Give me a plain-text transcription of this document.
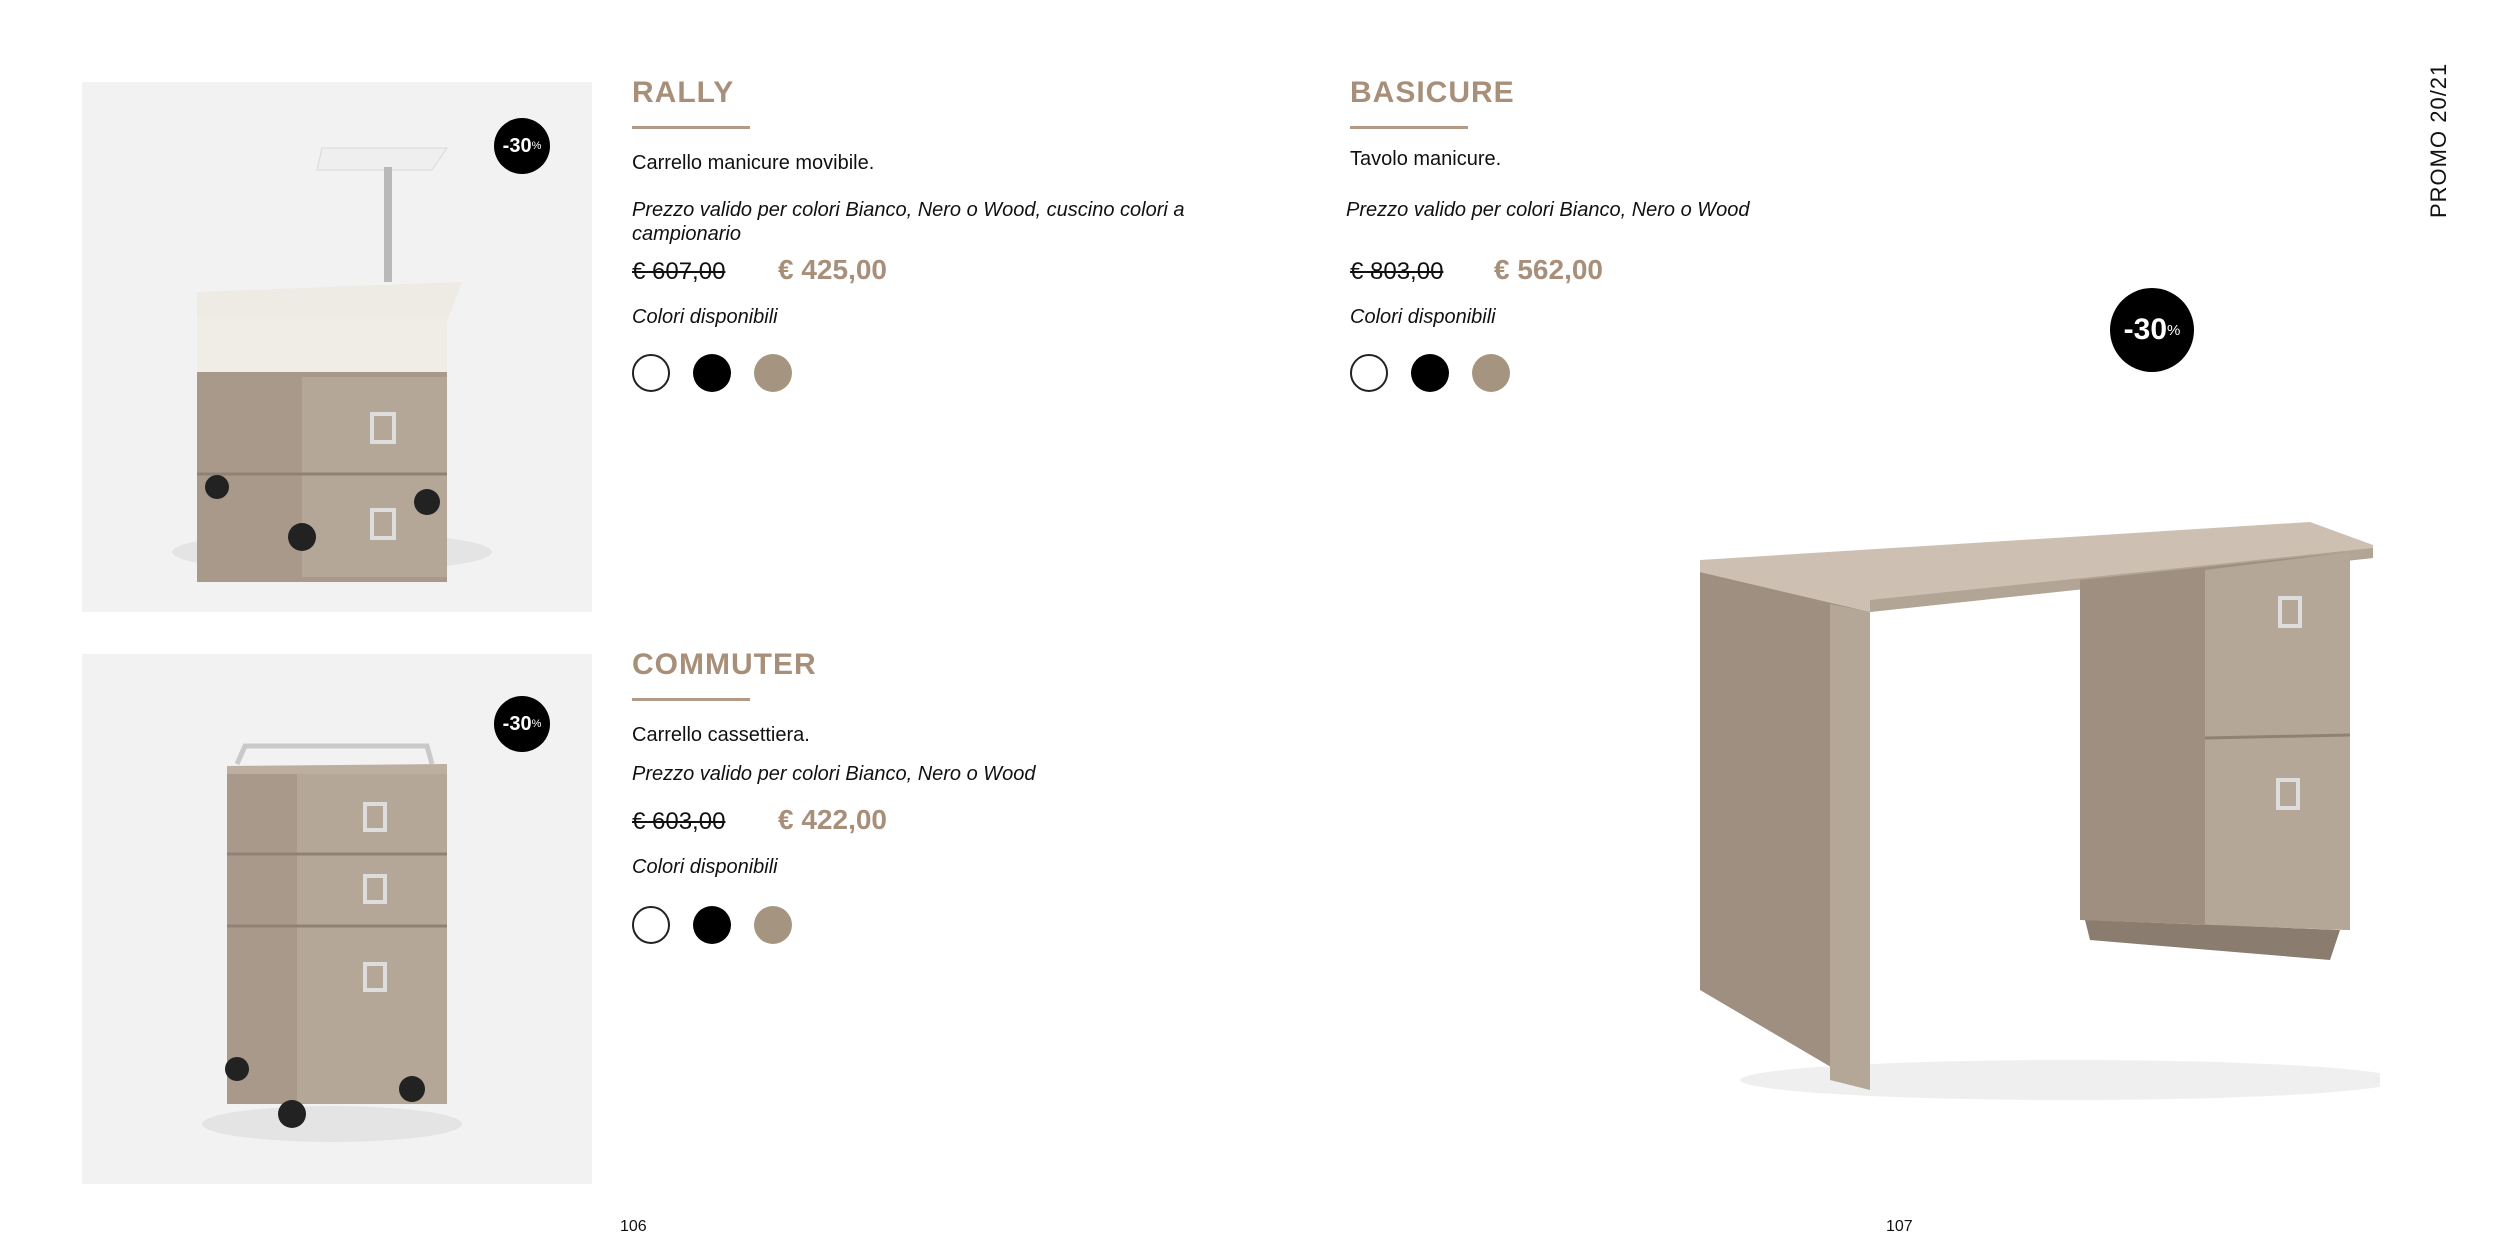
PROMO 20/21
-30 %
RALLY
Carrello manicure movibile.
Prezzo valido per colori Bianco, Nero o Wood, cuscino colori a campionario
€ 607,00 € 425,00
Colori disponibili
-30 %
COMMUTER
Carrello cassettiera.
Prezzo valido per colori Bianco, Nero o Wood
€ 603,00 € 422,00
Colori disponibili
BASICURE
Tavolo manicure.
Prezzo valido per colori Bianco, Nero o Wood
€ 803,00 € 562,00
Colori disponibili	-30 %
106	107
